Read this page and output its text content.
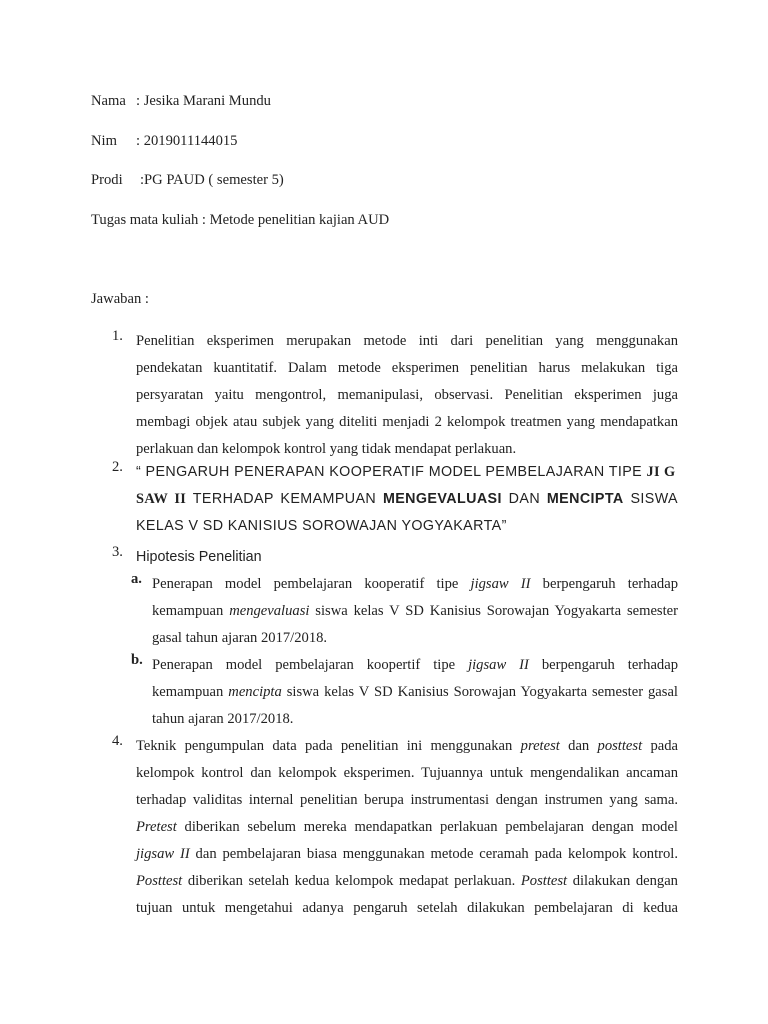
Nama : Jesika Marani Mundu
Nim : 2019011144015
Prodi :PG PAUD ( semester 5)
Tugas mata kuliah : Metode penelitian kajian AUD
Jawaban :
1. Penelitian eksperimen merupakan metode inti dari penelitian yang menggunakan pendekatan kuantitatif. Dalam metode eksperimen penelitian harus melakukan tiga persyaratan yaitu mengontrol, memanipulasi, observasi. Penelitian eksperimen juga membagi objek atau subjek yang diteliti menjadi 2 kelompok treatmen yang mendapatkan perlakuan dan kelompok kontrol yang tidak mendapat perlakuan.
2. “ PENGARUH PENERAPAN KOOPERATIF MODEL PEMBELAJARAN TIPE JI G
SAW II TERHADAP KEMAMPUAN MENGEVALUASI DAN MENCIPTA SISWA KELAS V SD KANISIUS SOROWAJAN YOGYAKARTA”
3. Hipotesis Penelitian
a. Penerapan model pembelajaran kooperatif tipe jigsaw II berpengaruh terhadap kemampuan mengevaluasi siswa kelas V SD Kanisius Sorowajan Yogyakarta semester gasal tahun ajaran 2017/2018.
b. Penerapan model pembelajaran koopertif tipe jigsaw II berpengaruh terhadap kemampuan mencipta siswa kelas V SD Kanisius Sorowajan Yogyakarta semester gasal tahun ajaran 2017/2018.
4. Teknik pengumpulan data pada penelitian ini menggunakan pretest dan posttest pada kelompok kontrol dan kelompok eksperimen. Tujuannya untuk mengendalikan ancaman terhadap validitas internal penelitian berupa instrumentasi dengan instrumen yang sama. Pretest diberikan sebelum mereka mendapatkan perlakuan pembelajaran dengan model jigsaw II dan pembelajaran biasa menggunakan metode ceramah pada kelompok kontrol. Posttest diberikan setelah kedua kelompok medapat perlakuan. Posttest dilakukan dengan tujuan untuk mengetahui adanya pengaruh setelah dilakukan pembelajaran di kedua
